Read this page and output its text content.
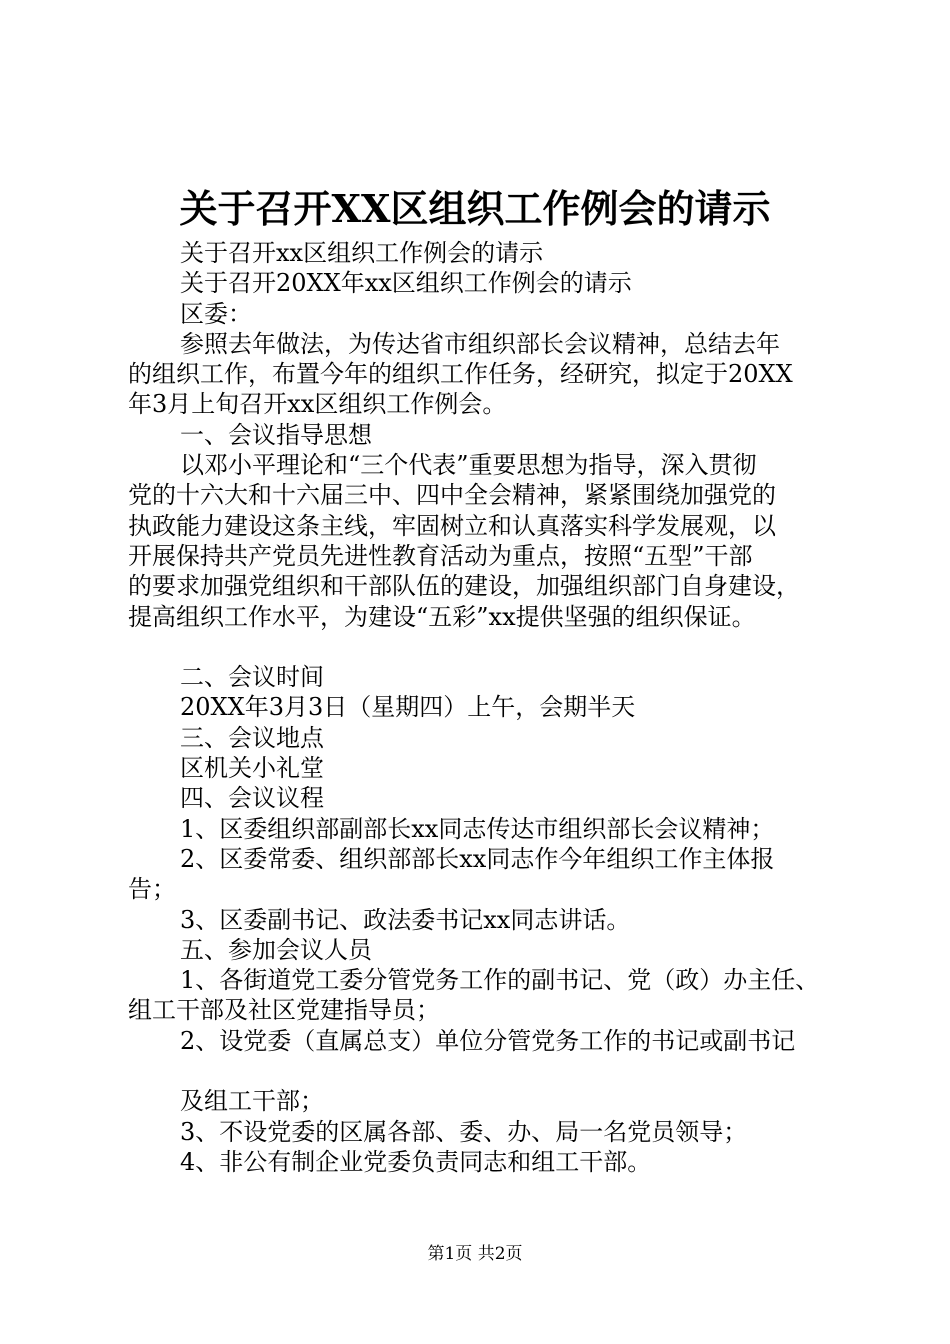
关于召开XX区组织工作例会的请示
关于召开xx区组织工作例会的请示
关于召开20XX年xx区组织工作例会的请示
区委：
参照去年做法，为传达省市组织部长会议精神，总结去年
的组织工作，布置今年的组织工作任务，经研究，拟定于20XX
年3月上旬召开xx区组织工作例会。
一、会议指导思想
以邓小平理论和“三个代表”重要思想为指导，深入贯彻
党的十六大和十六届三中、四中全会精神，紧紧围绕加强党的
执政能力建设这条主线，牢固树立和认真落实科学发展观，以
开展保持共产党员先进性教育活动为重点，按照“五型”干部
的要求加强党组织和干部队伍的建设，加强组织部门自身建设，
提高组织工作水平，为建设“五彩”xx提供坚强的组织保证。
二、会议时间
20XX年3月3日（星期四）上午，会期半天
三、会议地点
区机关小礼堂
四、会议议程
1、区委组织部副部长xx同志传达市组织部长会议精神；
2、区委常委、组织部部长xx同志作今年组织工作主体报
告；
3、区委副书记、政法委书记xx同志讲话。
五、参加会议人员
1、各街道党工委分管党务工作的副书记、党（政）办主任、
组工干部及社区党建指导员；
2、设党委（直属总支）单位分管党务工作的书记或副书记
及组工干部；
3、不设党委的区属各部、委、办、局一名党员领导；
4、非公有制企业党委负责同志和组工干部。
第1页 共2页
